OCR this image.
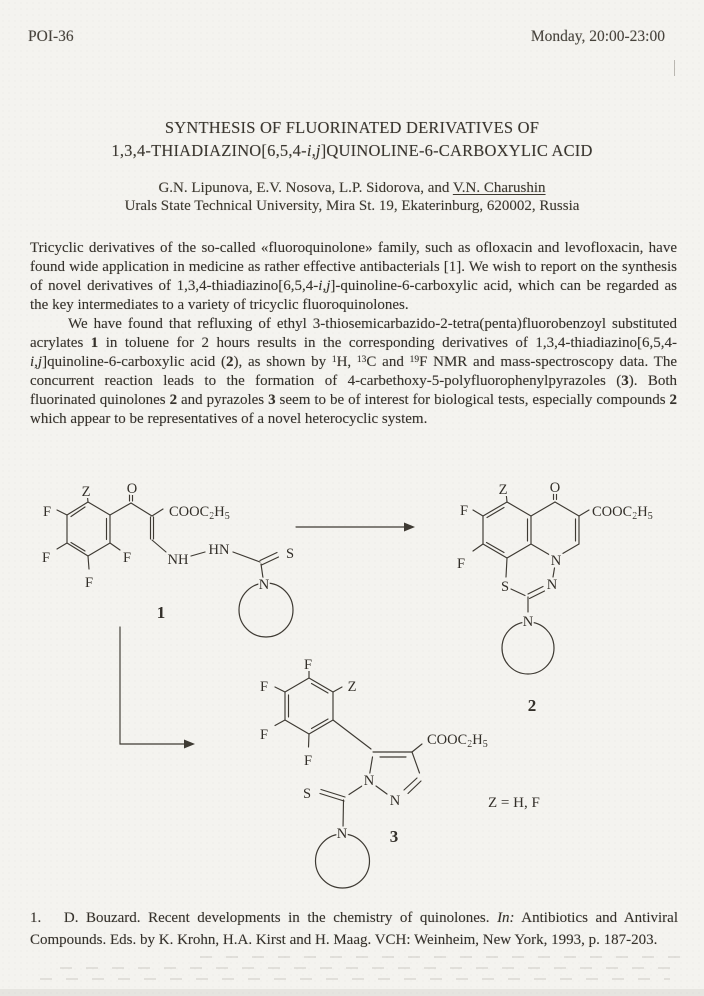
POI-36	Monday, 20:00-23:00
SYNTHESIS OF FLUORINATED DERIVATIVES OF
1,3,4-THIADIAZINO[6,5,4-i,j]QUINOLINE-6-CARBOXYLIC ACID
G.N. Lipunova, E.V. Nosova, L.P. Sidorova, and V.N. Charushin
Urals State Technical University, Mira St. 19, Ekaterinburg, 620002, Russia

Tricyclic derivatives of the so-called «fluoroquinolone» family, such as ofloxacin and levofloxacin, have found wide application in medicine as rather effective antibacterials [1]. We wish to report on the synthesis of novel derivatives of 1,3,4-thiadiazino[6,5,4-i,j]-quinoline-6-carboxylic acid, which can be regarded as the key intermediates to a variety of tricyclic fluoroquinolones.

We have found that refluxing of ethyl 3-thiosemicarbazido-2-tetra(penta)fluorobenzoyl substituted acrylates 1 in toluene for 2 hours results in the corresponding derivatives of 1,3,4-thiadiazino[6,5,4-i,j]quinoline-6-carboxylic acid (2), as shown by $^1$H, $^{13}$C and $^{19}$F NMR and mass-spectroscopy data. The concurrent reaction leads to the formation of 4-carbethoxy-5-polyfluorophenylpyrazoles (3). Both fluorinated quinolones 2 and pyrazoles 3 seem to be of interest for biological tests, especially compounds 2 which appear to be representatives of a novel heterocyclic system.

Z	O
F
F
F
F
$COOC_2H_5$
NH
HN	S
N
1
Z	O
F
F
$COOC_2H_5$
S
N
N
N
2
F
F	Z
F
F
$COOC_2H_5$
N
N
S
N	3
Z = H, F

1.   D. Bouzard. Recent developments in the chemistry of quinolones. In: Antibiotics and Antiviral Compounds. Eds. by K. Krohn, H.A. Kirst and H. Maag. VCH: Weinheim, New York, 1993, p. 187-203.
